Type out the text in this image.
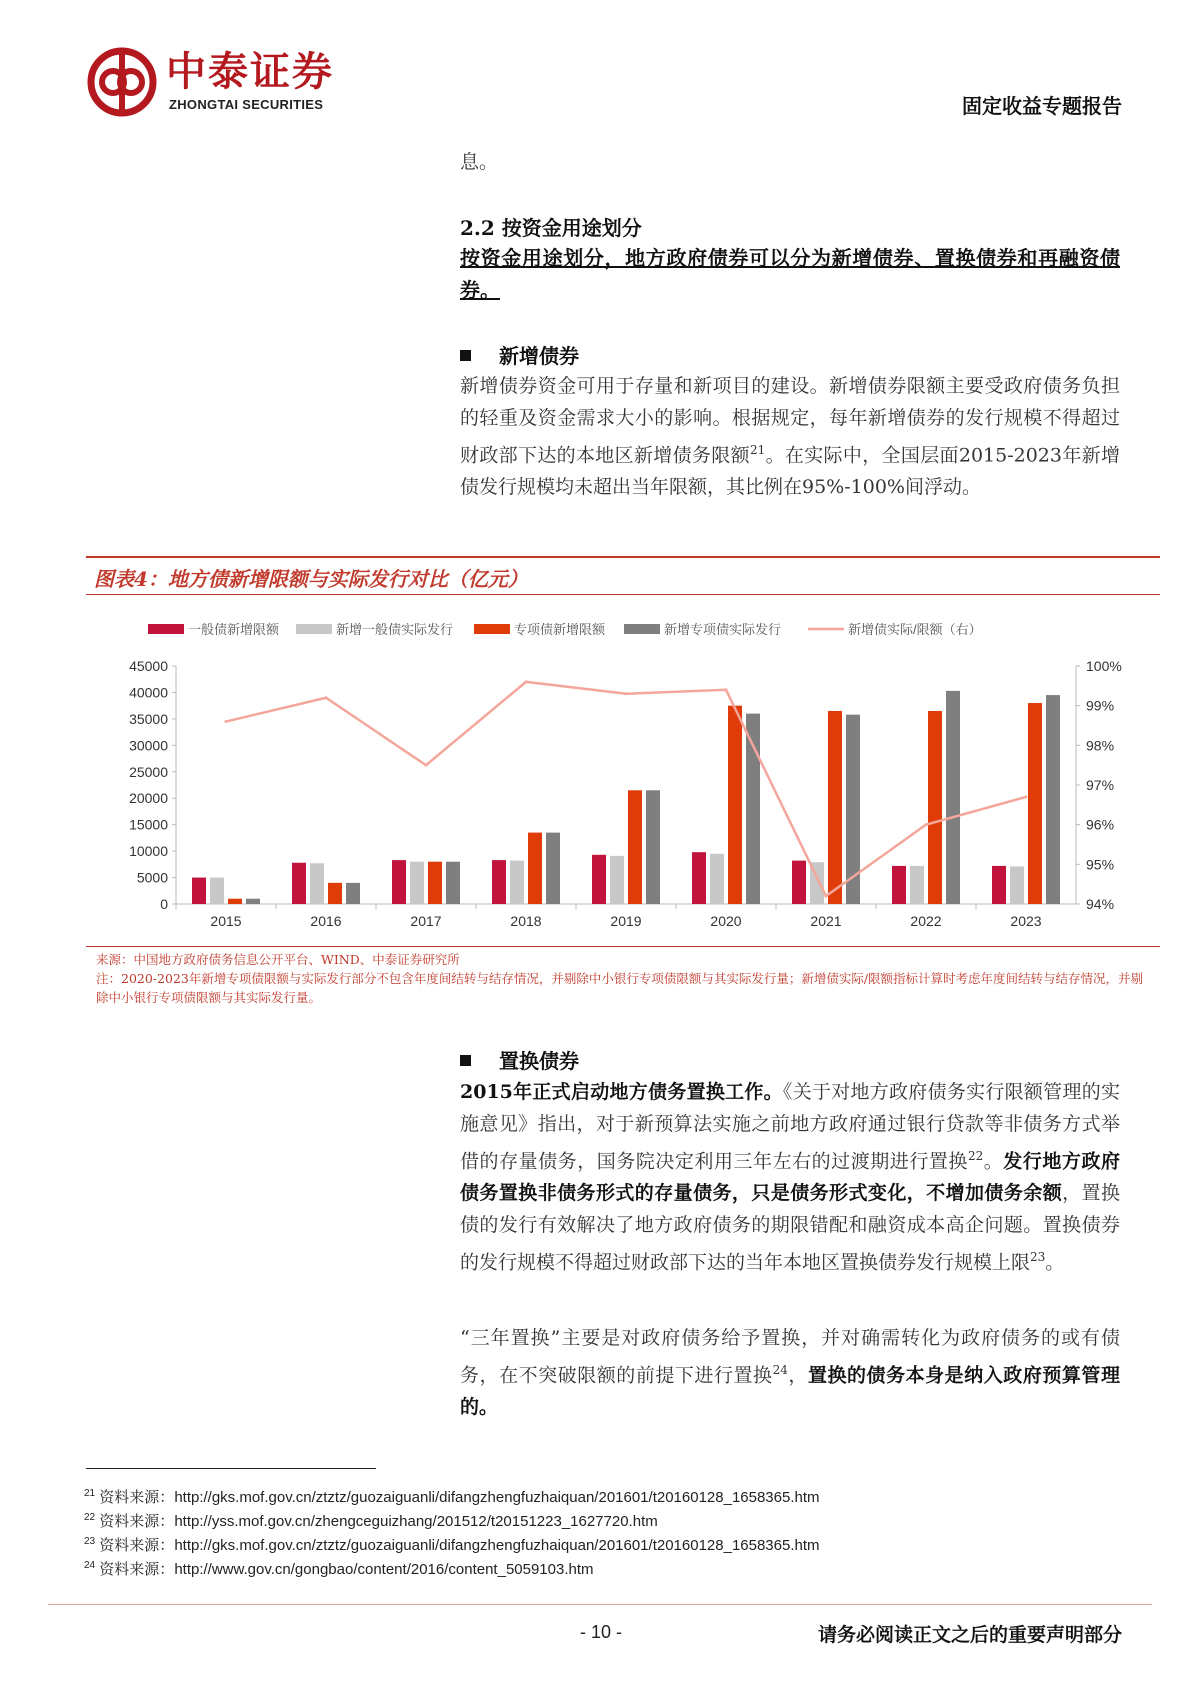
中泰证券
ZHONGTAI SECURITIES	固定收益专题报告
息。
2.2 按资金用途划分
按资金用途划分，地方政府债券可以分为新增债券、置换债券和再融资债券。
新增债券

新增债券资金可用于存量和新项目的建设。新增债券限额主要受政府债务负担的轻重及资金需求大小的影响。根据规定，每年新增债券的发行规模不得超过财政部下达的本地区新增债务限额$^{21}$。在实际中，全国层面2015-2023年新增债发行规模均未超出当年限额，其比例在95%-100%间浮动。

图表4：地方债新增限额与实际发行对比（亿元）
一般债新增限额	新增一般债实际发行	专项债新增限额	新增专项债实际发行	新增债实际/限额（右）
45000
40000
35000
30000
25000
20000
15000
10000
5000
0
100%
99%
98%
97%
96%
95%
94%
2015	2016	2017	2018	2019	2020	2021	2022	2023
来源：中国地方政府债务信息公开平台、WIND、中泰证券研究所
注：2020-2023年新增专项债限额与实际发行部分不包含年度间结转与结存情况，并剔除中小银行专项债限额与其实际发行量；新增债实际/限额指标计算时考虑年度间结转与结存情况，并剔除中小银行专项债限额与其实际发行量。
置换债券

2015年正式启动地方债务置换工作。《关于对地方政府债务实行限额管理的实施意见》指出，对于新预算法实施之前地方政府通过银行贷款等非债务方式举借的存量债务，国务院决定利用三年左右的过渡期进行置换$^{22}$。发行地方政府债务置换非债务形式的存量债务，只是债务形式变化，不增加债务余额，置换债的发行有效解决了地方政府债务的期限错配和融资成本高企问题。置换债券的发行规模不得超过财政部下达的当年本地区置换债券发行规模上限$^{23}$。

“三年置换”主要是对政府债务给予置换，并对确需转化为政府债务的或有债务，在不突破限额的前提下进行置换$^{24}$，置换的债务本身是纳入政府预算管理的。

$^{21}$ 资料来源：http://gks.mof.gov.cn/ztztz/guozaiguanli/difangzhengfuzhaiquan/201601/t20160128_1658365.htm
$^{22}$ 资料来源：http://yss.mof.gov.cn/zhengceguizhang/201512/t20151223_1627720.htm
$^{23}$ 资料来源：http://gks.mof.gov.cn/ztztz/guozaiguanli/difangzhengfuzhaiquan/201601/t20160128_1658365.htm
$^{24}$ 资料来源：http://www.gov.cn/gongbao/content/2016/content_5059103.htm
- 10 -	请务必阅读正文之后的重要声明部分
